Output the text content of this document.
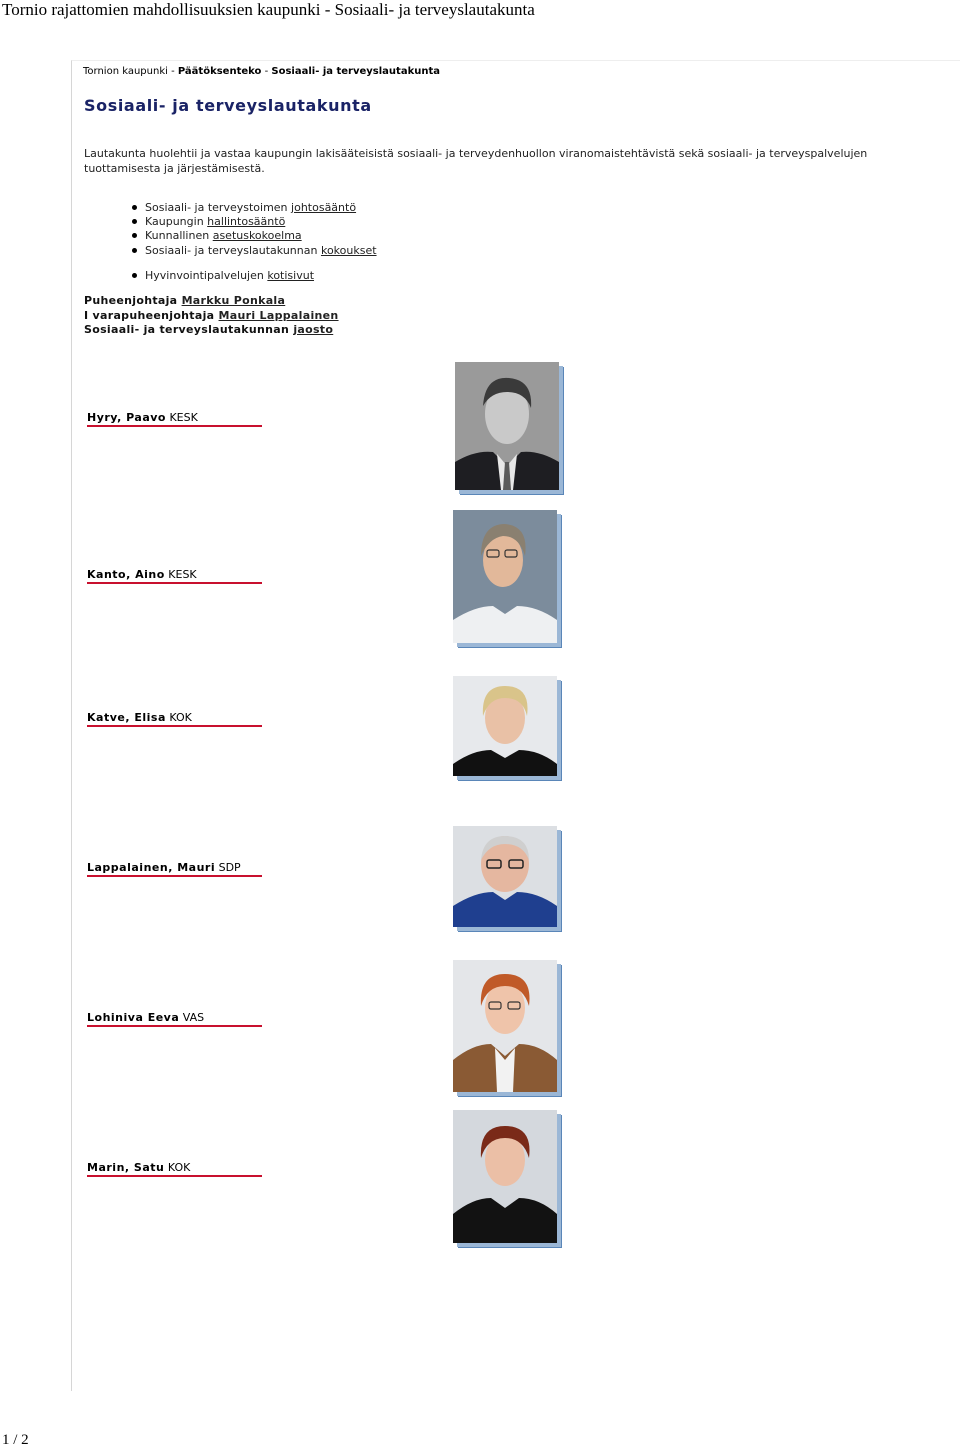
Tornio rajattomien mahdollisuuksien kaupunki - Sosiaali- ja terveyslautakunta
Tornion kaupunki - Päätöksenteko - Sosiaali- ja terveyslautakunta
Sosiaali- ja terveyslautakunta

Lautakunta huolehtii ja vastaa kaupungin lakisääteisistä sosiaali- ja terveydenhuollon viranomaistehtävistä sekä sosiaali- ja terveyspalvelujen tuottamisesta ja järjestämisestä.

Sosiaali- ja terveystoimen johtosääntö
Kaupungin hallintosääntö
Kunnallinen asetuskokoelma
Sosiaali- ja terveyslautakunnan kokoukset
Hyvinvointipalvelujen kotisivut
Puheenjohtaja Markku Ponkala
I varapuheenjohtaja Mauri Lappalainen
Sosiaali- ja terveyslautakunnan jaosto
Hyry, Paavo KESK
Kanto, Aino KESK
Katve, Elisa KOK
Lappalainen, Mauri SDP
Lohiniva Eeva VAS
Marin, Satu KOK
1 / 2
